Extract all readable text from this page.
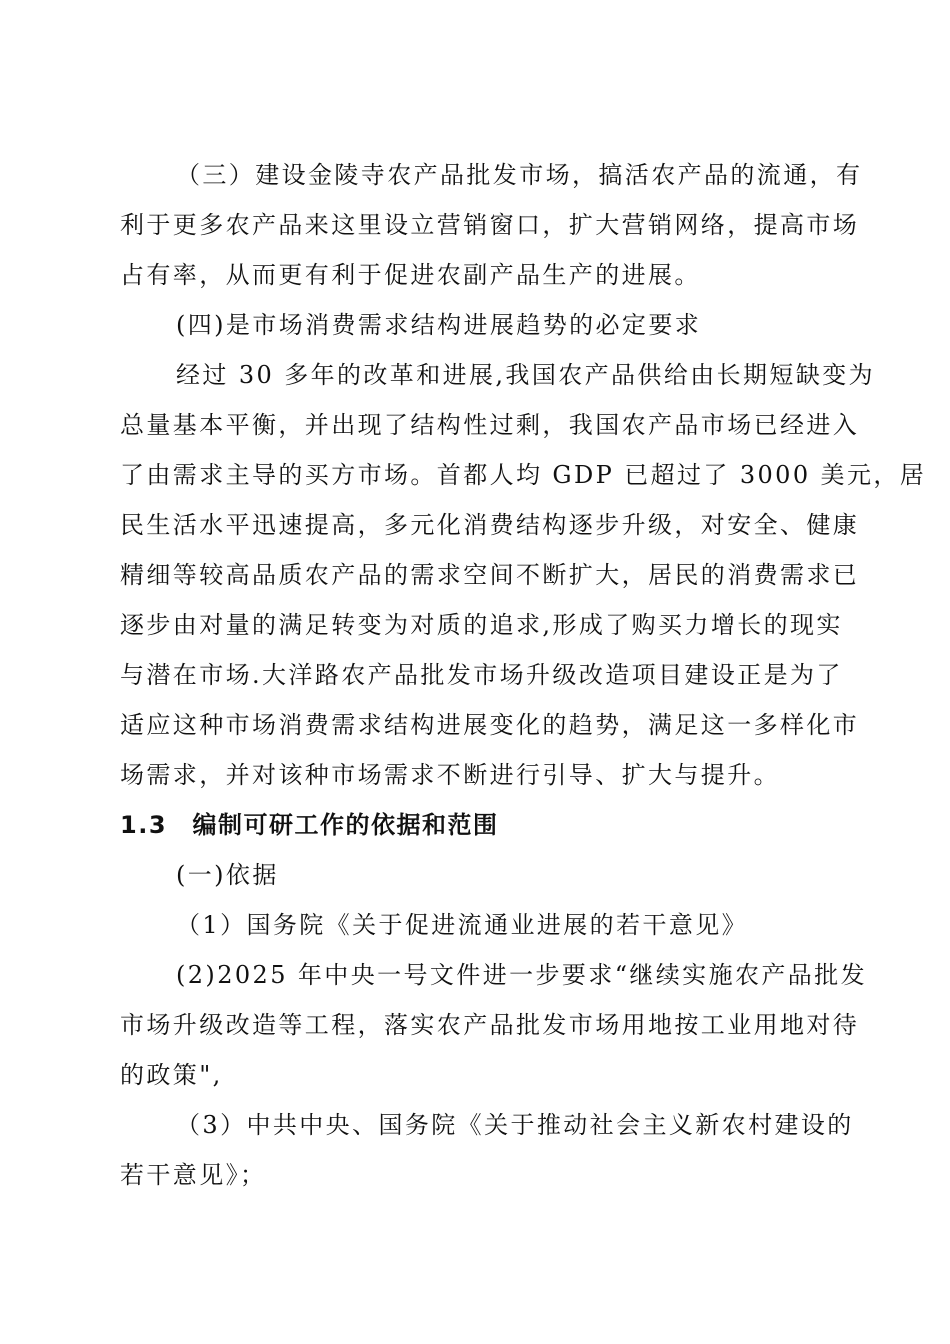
（三）建设金陵寺农产品批发市场，搞活农产品的流通，有
利于更多农产品来这里设立营销窗口，扩大营销网络，提高市场
占有率，从而更有利于促进农副产品生产的进展。
(四)是市场消费需求结构进展趋势的必定要求
经过 30 多年的改革和进展,我国农产品供给由长期短缺变为
总量基本平衡，并出现了结构性过剩，我国农产品市场已经进入
了由需求主导的买方市场。首都人均 GDP 已超过了 3000 美元，居
民生活水平迅速提高，多元化消费结构逐步升级，对安全、健康
精细等较高品质农产品的需求空间不断扩大，居民的消费需求已
逐步由对量的满足转变为对质的追求,形成了购买力增长的现实
与潜在市场.大洋路农产品批发市场升级改造项目建设正是为了
适应这种市场消费需求结构进展变化的趋势，满足这一多样化市
场需求，并对该种市场需求不断进行引导、扩大与提升。
1.3　编制可研工作的依据和范围
(一)依据
（1）国务院《关于促进流通业进展的若干意见》
(2)2025 年中央一号文件进一步要求“继续实施农产品批发
市场升级改造等工程，落实农产品批发市场用地按工业用地对待
的政策",
（3）中共中央、国务院《关于推动社会主义新农村建设的
若干意见》；
